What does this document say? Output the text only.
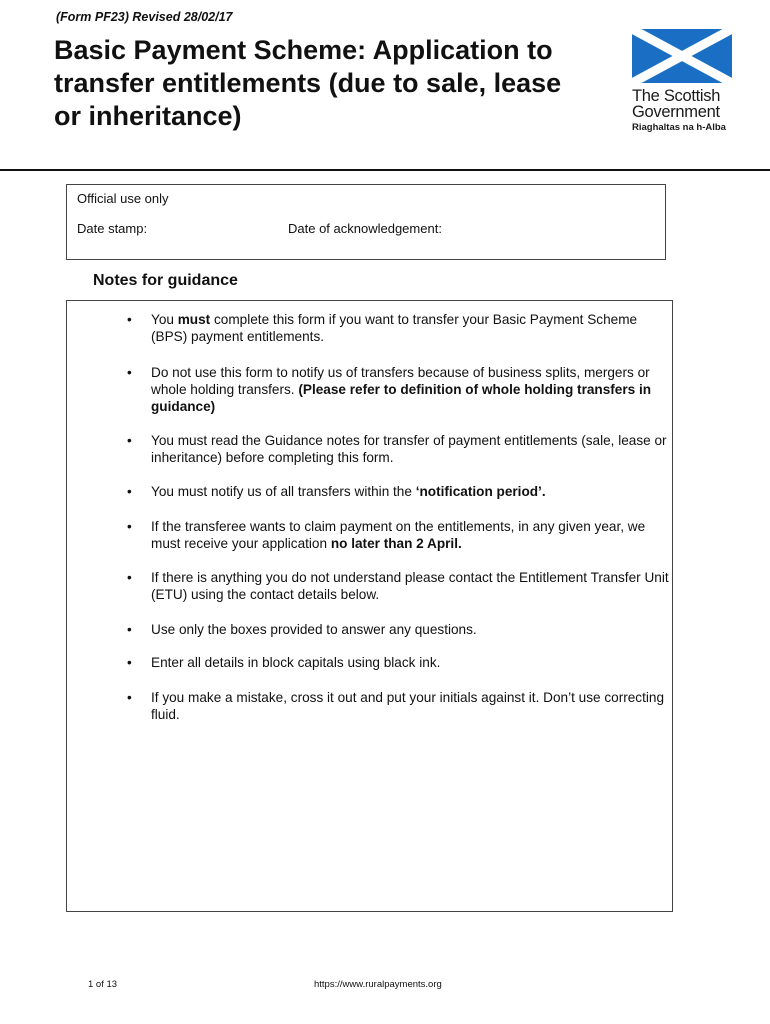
(Form PF23) Revised 28/02/17
Basic Payment Scheme: Application to transfer entitlements (due to sale, lease or inheritance)
The Scottish
Government
Riaghaltas na h-Alba
Official use only
Date stamp:	Date of acknowledgement:
Notes for guidance
• You must complete this form if you want to transfer your Basic Payment Scheme (BPS) payment entitlements.
• Do not use this form to notify us of transfers because of business splits, mergers or whole holding transfers. (Please refer to definition of whole holding transfers in guidance)
• You must read the Guidance notes for transfer of payment entitlements (sale, lease or inheritance) before completing this form.
• You must notify us of all transfers within the ‘notification period’.
• If the transferee wants to claim payment on the entitlements, in any given year, we must receive your application no later than 2 April.
• If there is anything you do not understand please contact the Entitlement Transfer Unit (ETU) using the contact details below.
• Use only the boxes provided to answer any questions.
• Enter all details in block capitals using black ink.
• If you make a mistake, cross it out and put your initials against it. Don’t use correcting fluid.
1 of 13	https://www.ruralpayments.org
